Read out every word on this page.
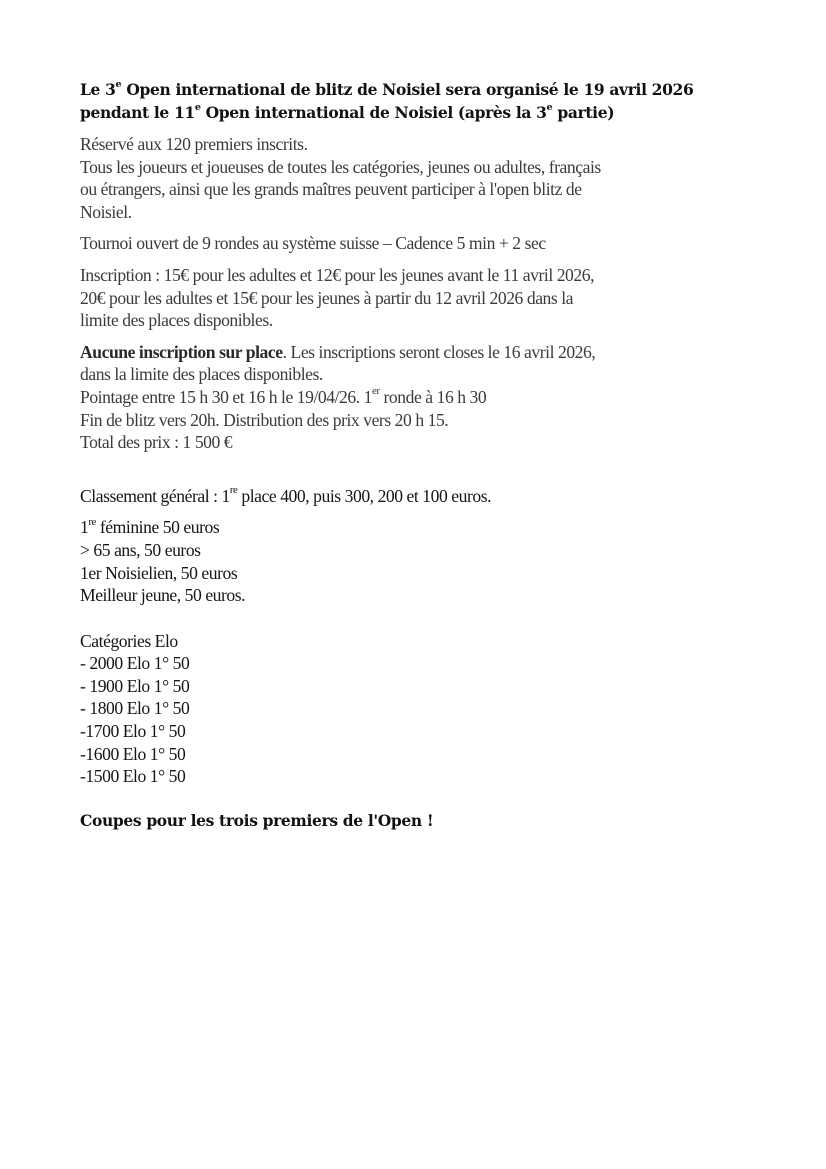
Le 3e Open international de blitz de Noisiel sera organisé le 19 avril 2026
pendant le 11e Open international de Noisiel (après la 3e partie)
Réservé aux 120 premiers inscrits.
Tous les joueurs et joueuses de toutes les catégories, jeunes ou adultes, français
ou étrangers, ainsi que les grands maîtres peuvent participer à l'open blitz de
Noisiel.
Tournoi ouvert de 9 rondes au système suisse – Cadence 5 min + 2 sec
Inscription : 15€ pour les adultes et 12€ pour les jeunes avant le 11 avril 2026,
20€ pour les adultes et 15€ pour les jeunes à partir du 12 avril 2026 dans la
limite des places disponibles.
Aucune inscription sur place. Les inscriptions seront closes le 16 avril 2026,
dans la limite des places disponibles.
Pointage entre 15 h 30 et 16 h le 19/04/26. 1er ronde à 16 h 30
Fin de blitz vers 20h. Distribution des prix vers 20 h 15.
Total des prix : 1 500 €
Classement général : 1re place 400, puis 300, 200 et 100 euros.
1re féminine 50 euros
> 65 ans, 50 euros
1er Noisielien, 50 euros
Meilleur jeune, 50 euros.
Catégories Elo
- 2000 Elo 1° 50
- 1900 Elo 1° 50
- 1800 Elo 1° 50
-1700 Elo 1° 50
-1600 Elo 1° 50
-1500 Elo 1° 50
Coupes pour les trois premiers de l'Open !
